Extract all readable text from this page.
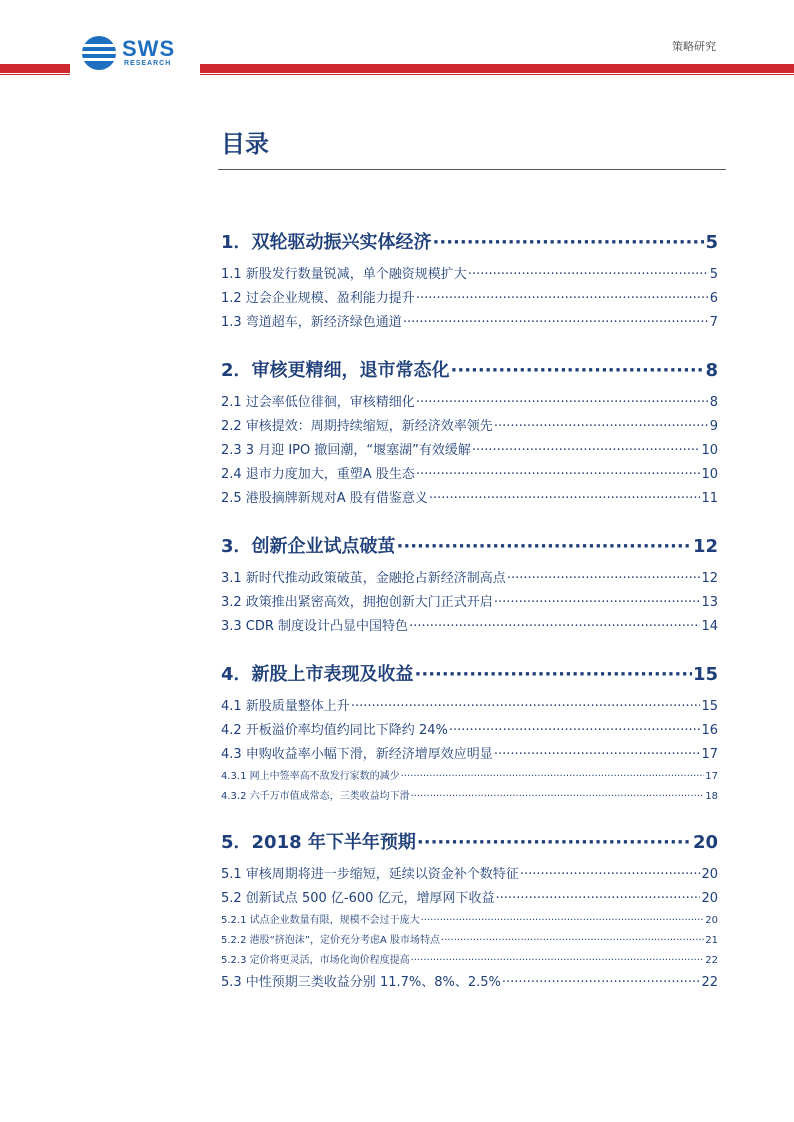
SWS
RESEARCH
策略研究
目录
1．双轮驱动振兴实体经济 ·····	5
1.1 新股发行数量锐减，单个融资规模扩大 ·····	5
1.2 过会企业规模、盈利能力提升 ·····	6
1.3 弯道超车，新经济绿色通道 ·····	7
2．审核更精细，退市常态化 ·····	8
2.1 过会率低位徘徊，审核精细化 ·····	8
2.2 审核提效：周期持续缩短，新经济效率领先 ·····	9
2.3 3 月迎 IPO 撤回潮，“堰塞湖”有效缓解 ·····	10
2.4 退市力度加大，重塑A 股生态 ·····	10
2.5 港股摘牌新规对A 股有借鉴意义 ·····	11
3．创新企业试点破茧 ·····	12
3.1 新时代推动政策破茧，金融抢占新经济制高点 ·····	12
3.2 政策推出紧密高效，拥抱创新大门正式开启 ·····	13
3.3 CDR 制度设计凸显中国特色 ·····	14
4．新股上市表现及收益 ·····	15
4.1 新股质量整体上升 ·····	15
4.2 开板溢价率均值约同比下降约 24% ·····	16
4.3 申购收益率小幅下滑，新经济增厚效应明显 ·····	17
4.3.1 网上中签率高不敌发行家数的减少 ·····	17
4.3.2 六千万市值成常态，三类收益均下滑 ·····	18
5．2018 年下半年预期 ·····	20
5.1 审核周期将进一步缩短，延续以资金补个数特征 ·····	20
5.2 创新试点 500 亿-600 亿元，增厚网下收益 ·····	20
5.2.1 试点企业数量有限，规模不会过于庞大 ·····	20
5.2.2 港股“挤泡沫”，定价充分考虑A 股市场特点 ·····	21
5.2.3 定价将更灵活，市场化询价程度提高 ·····	22
5.3 中性预期三类收益分别 11.7%、8%、2.5% ·····	22
